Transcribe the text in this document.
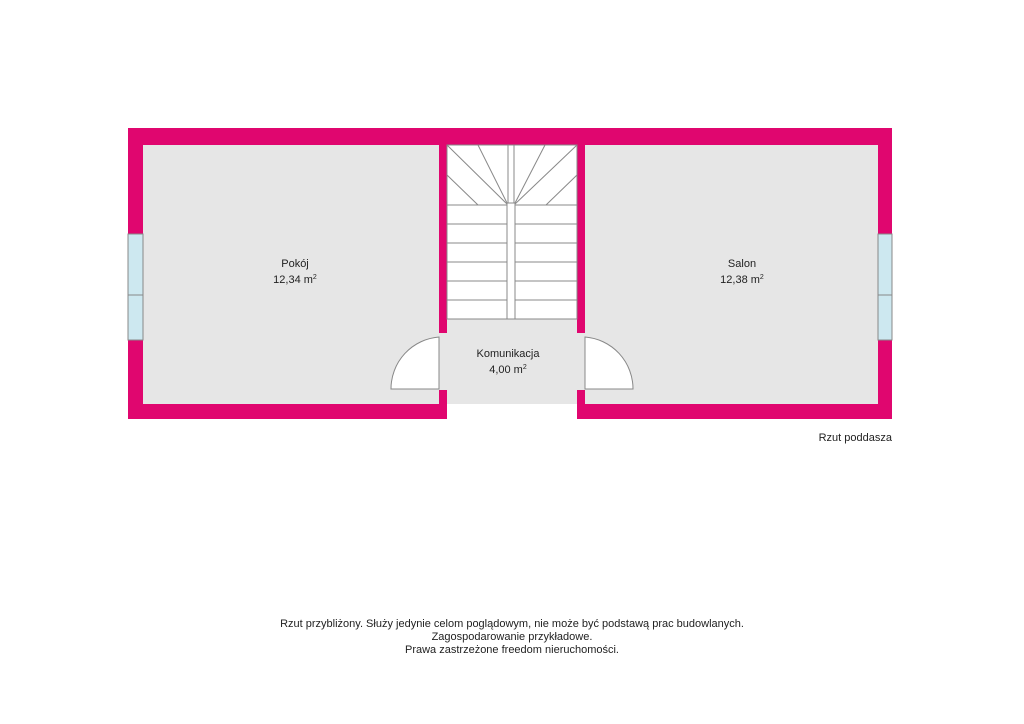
Pokój
12,34 $m^2$
Salon
12,38 $m^2$
Komunikacja
4,00 $m^2$
Rzut poddasza
Rzut przybliżony. Służy jedynie celom poglądowym, nie może być podstawą prac budowlanych.
Zagospodarowanie przykładowe.
Prawa zastrzeżone freedom nieruchomości.
